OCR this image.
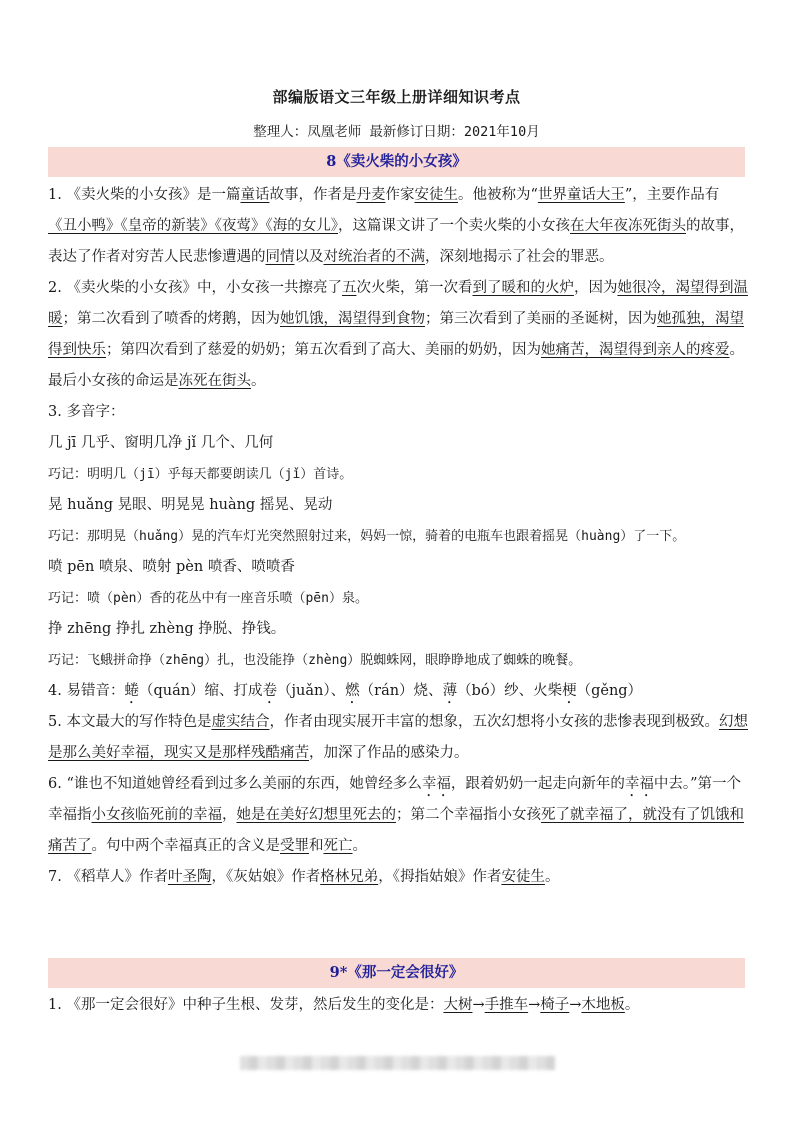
部编版语文三年级上册详细知识考点
整理人：凤凰老师 最新修订日期：2021年10月
8《卖火柴的小女孩》

1. 《卖火柴的小女孩》是一篇童话故事，作者是丹麦作家安徒生。他被称为“世界童话大王”，主要作品有《丑小鸭》《皇帝的新装》《夜莺》《海的女儿》，这篇课文讲了一个卖火柴的小女孩在大年夜冻死街头的故事，表达了作者对穷苦人民悲惨遭遇的同情以及对统治者的不满，深刻地揭示了社会的罪恶。

2. 《卖火柴的小女孩》中，小女孩一共擦亮了五次火柴，第一次看到了暖和的火炉，因为她很冷，渴望得到温暖；第二次看到了喷香的烤鹅，因为她饥饿，渴望得到食物；第三次看到了美丽的圣诞树，因为她孤独，渴望得到快乐；第四次看到了慈爱的奶奶；第五次看到了高大、美丽的奶奶，因为她痛苦，渴望得到亲人的疼爱。最后小女孩的命运是冻死在街头。

3. 多音字：

几 jī 几乎、窗明几净 jǐ 几个、几何

巧记：明明几（jī）乎每天都要朗读几（jǐ）首诗。

晃 huǎng 晃眼、明晃晃 huàng 摇晃、晃动

巧记：那明晃（huǎng）晃的汽车灯光突然照射过来，妈妈一惊，骑着的电瓶车也跟着摇晃（huàng）了一下。

喷 pēn 喷泉、喷射 pèn 喷香、喷喷香

巧记：喷（pèn）香的花丛中有一座音乐喷（pēn）泉。

挣 zhēng 挣扎 zhèng 挣脱、挣钱。

巧记：飞蛾拼命挣（zhēng）扎，也没能挣（zhèng）脱蜘蛛网，眼睁睁地成了蜘蛛的晚餐。

4. 易错音：蜷（quán）缩、打成卷（juǎn）、燃（rán）烧、薄（bó）纱、火柴梗（gěng）

5. 本文最大的写作特色是虚实结合，作者由现实展开丰富的想象，五次幻想将小女孩的悲惨表现到极致。幻想是那么美好幸福，现实又是那样残酷痛苦，加深了作品的感染力。

6. “谁也不知道她曾经看到过多么美丽的东西，她曾经多么幸福，跟着奶奶一起走向新年的幸福中去。”第一个幸福指小女孩临死前的幸福，她是在美好幻想里死去的；第二个幸福指小女孩死了就幸福了，就没有了饥饿和痛苦了。句中两个幸福真正的含义是受罪和死亡。

7. 《稻草人》作者叶圣陶，《灰姑娘》作者格林兄弟，《拇指姑娘》作者安徒生。

9*《那一定会很好》

1. 《那一定会很好》中种子生根、发芽，然后发生的变化是：大树→手推车→椅子→木地板。
